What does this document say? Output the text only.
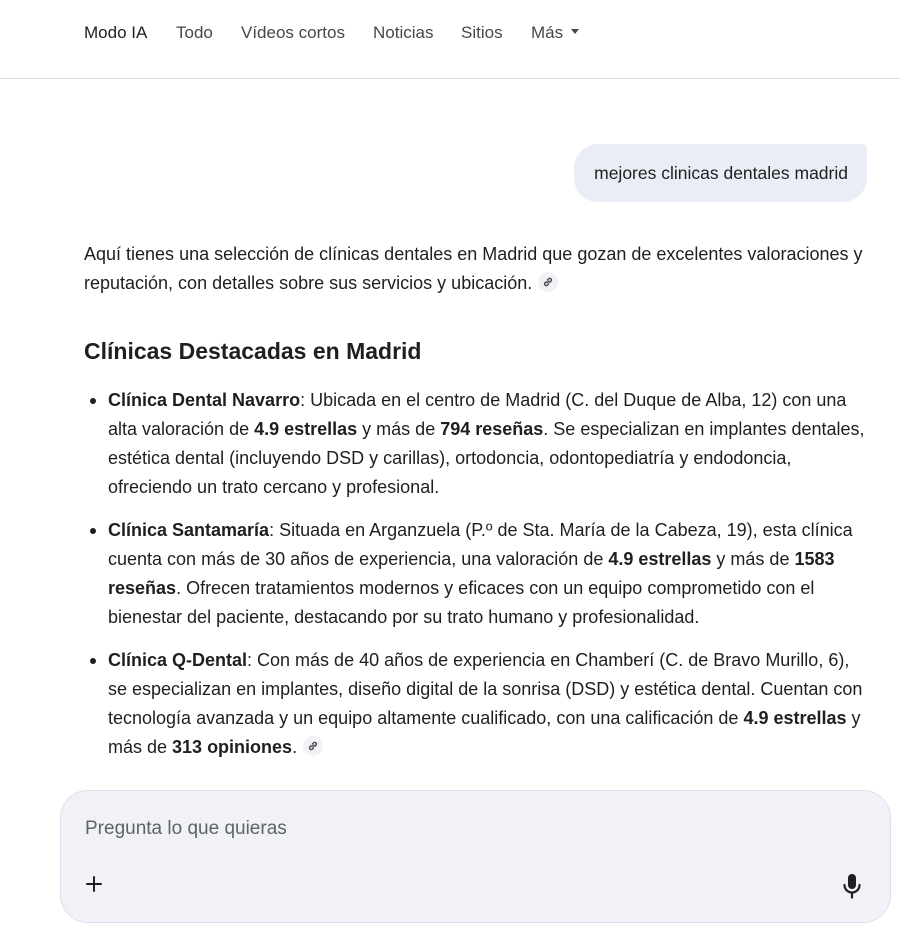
Modo IA Todo Vídeos cortos Noticias Sitios Más
mejores clinicas dentales madrid

Aquí tienes una selección de clínicas dentales en Madrid que gozan de excelentes valoraciones y reputación, con detalles sobre sus servicios y ubicación.

Clínicas Destacadas en Madrid
Clínica Dental Navarro: Ubicada en el centro de Madrid (C. del Duque de Alba, 12) con una alta valoración de 4.9 estrellas y más de 794 reseñas. Se especializan en implantes dentales, estética dental (incluyendo DSD y carillas), ortodoncia, odontopediatría y endodoncia, ofreciendo un trato cercano y profesional.
Clínica Santamaría: Situada en Arganzuela (P.º de Sta. María de la Cabeza, 19), esta clínica cuenta con más de 30 años de experiencia, una valoración de 4.9 estrellas y más de 1583 reseñas. Ofrecen tratamientos modernos y eficaces con un equipo comprometido con el bienestar del paciente, destacando por su trato humano y profesionalidad.
Clínica Q-Dental: Con más de 40 años de experiencia en Chamberí (C. de Bravo Murillo, 6), se especializan en implantes, diseño digital de la sonrisa (DSD) y estética dental. Cuentan con tecnología avanzada y un equipo altamente cualificado, con una calificación de 4.9 estrellas y más de 313 opiniones.
Pregunta lo que quieras
